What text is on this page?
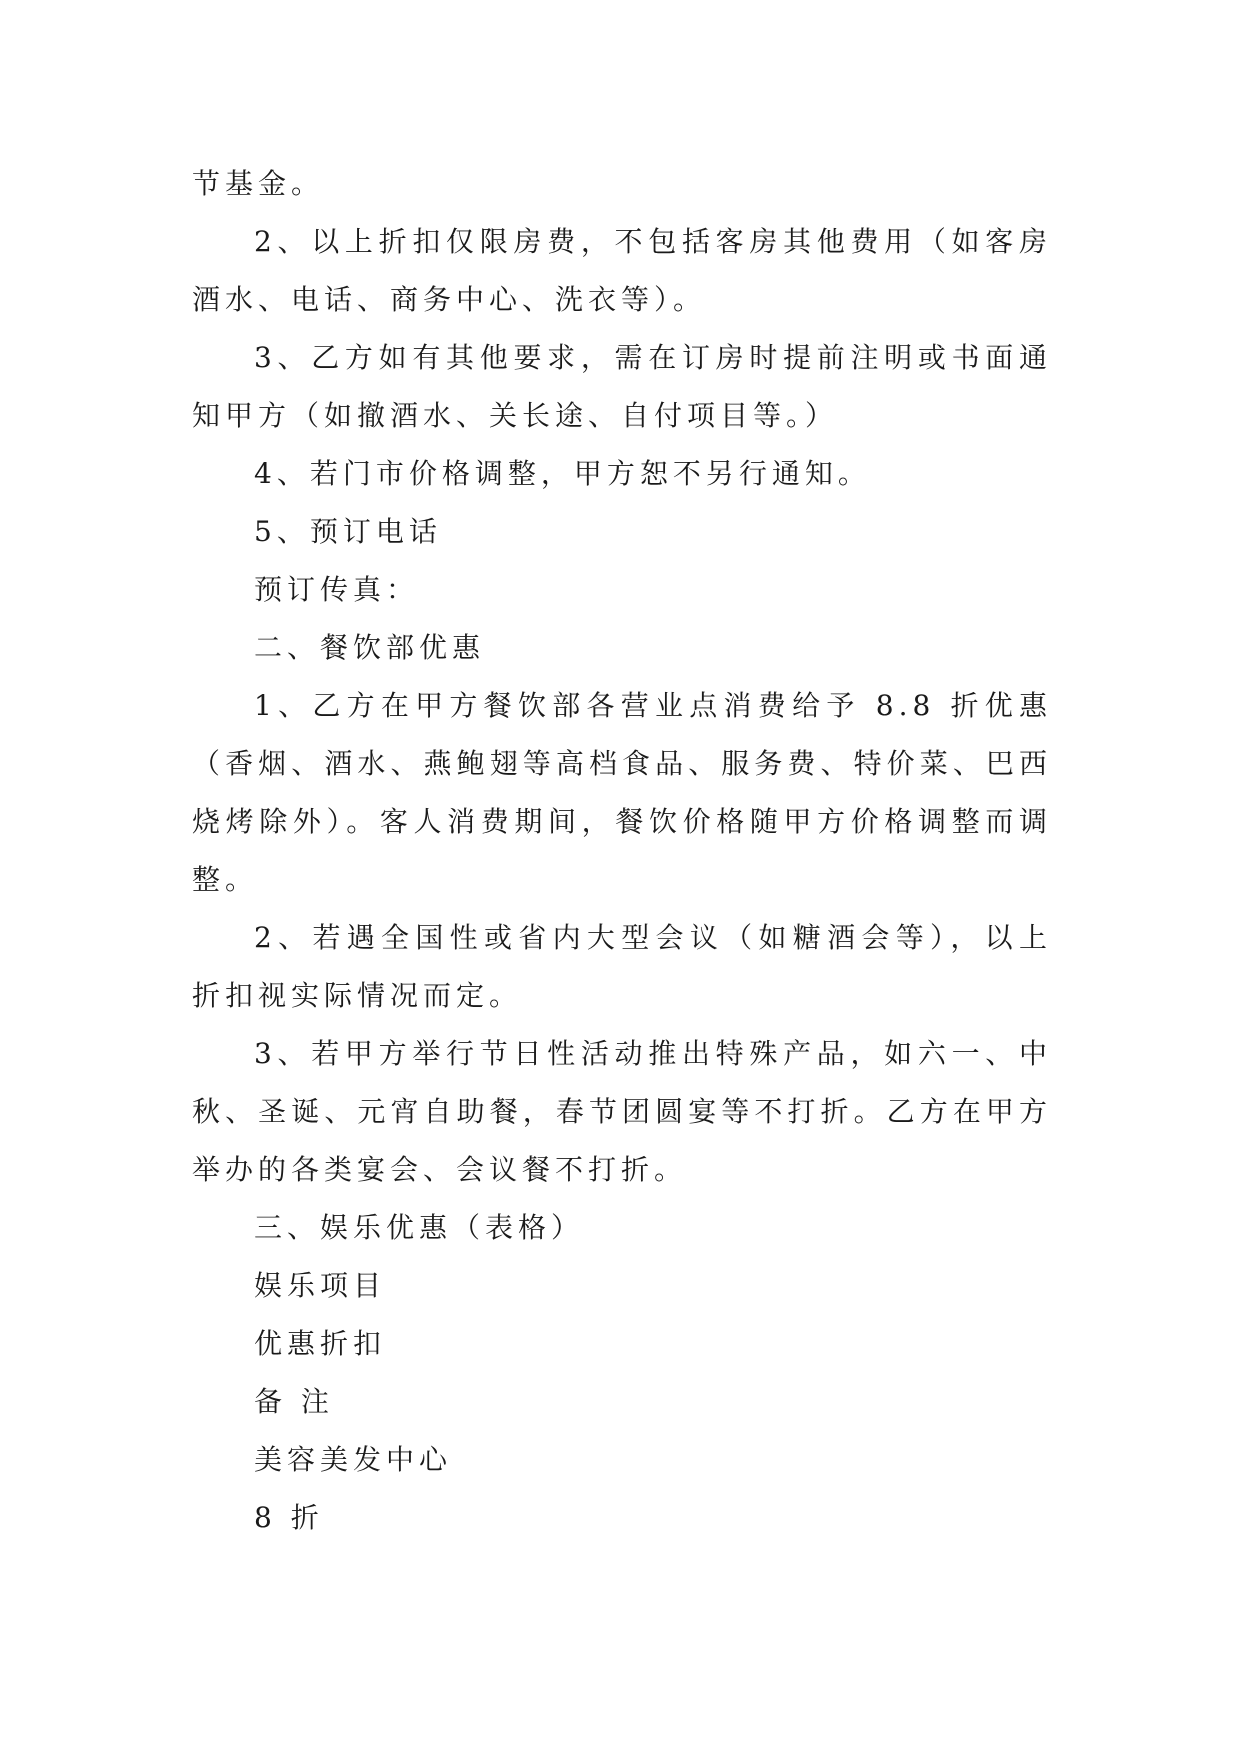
节基金。

2、以上折扣仅限房费，不包括客房其他费用（如客房酒水、电话、商务中心、洗衣等）。

3、乙方如有其他要求，需在订房时提前注明或书面通知甲方（如撤酒水、关长途、自付项目等。）

4、若门市价格调整，甲方恕不另行通知。

5、预订电话

预订传真：

二、餐饮部优惠

1、乙方在甲方餐饮部各营业点消费给予 8.8 折优惠（香烟、酒水、燕鲍翅等高档食品、服务费、特价菜、巴西烧烤除外）。客人消费期间，餐饮价格随甲方价格调整而调整。

2、若遇全国性或省内大型会议（如糖酒会等），以上折扣视实际情况而定。

3、若甲方举行节日性活动推出特殊产品，如六一、中秋、圣诞、元宵自助餐，春节团圆宴等不打折。乙方在甲方举办的各类宴会、会议餐不打折。

三、娱乐优惠（表格）

娱乐项目

优惠折扣

备 注

美容美发中心

8 折
